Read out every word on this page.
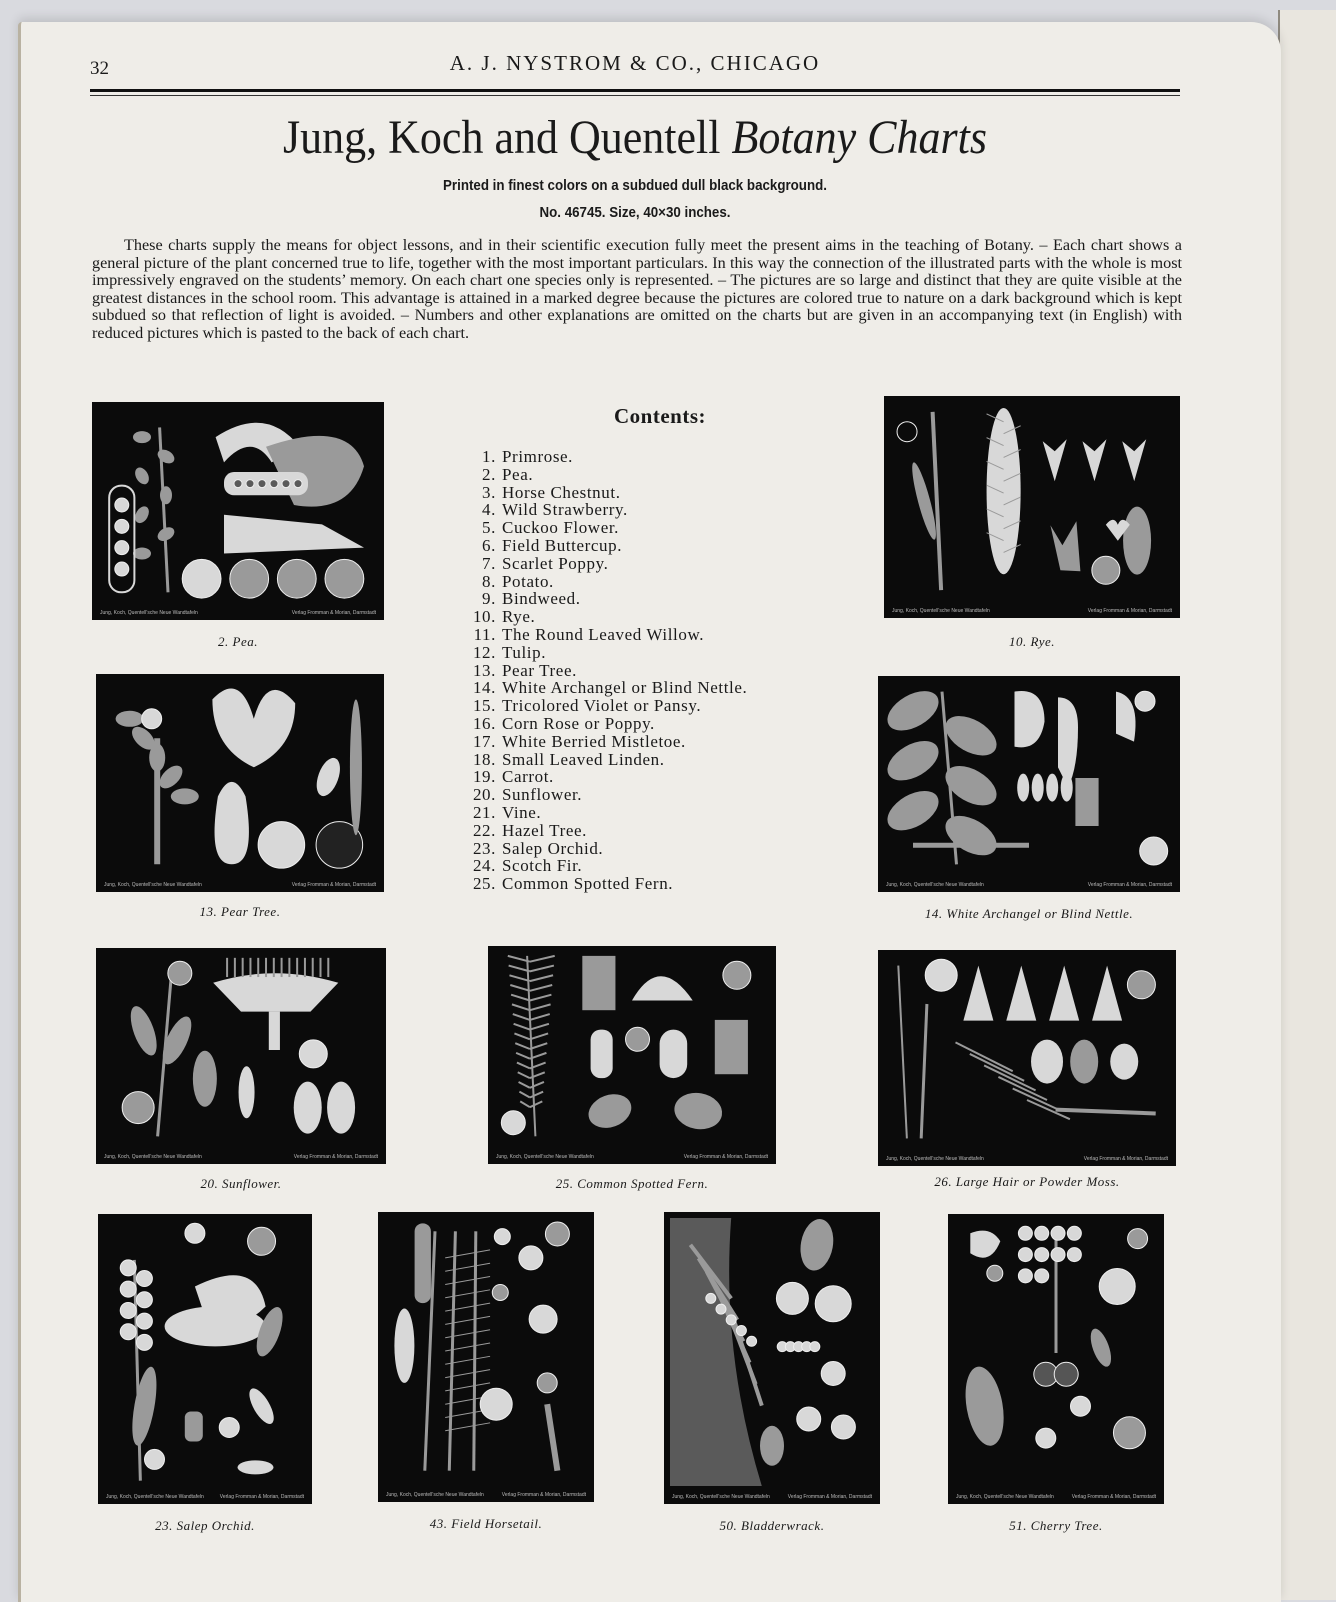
32	A. J. NYSTROM & CO., CHICAGO
Jung, Koch and Quentell Botany Charts
Printed in finest colors on a subdued dull black background.
No. 46745. Size, 40×30 inches.

These charts supply the means for object lessons, and in their scientific execution fully meet the present aims in the teaching of Botany. – Each chart shows a general picture of the plant concerned true to life, together with the most important particulars. In this way the connection of the illustrated parts with the whole is most impressively engraved on the students’ memory. On each chart one species only is represented. – The pictures are so large and distinct that they are quite visible at the greatest distances in the school room. This advantage is attained in a marked degree because the pictures are colored true to nature on a dark background which is kept subdued so that reflection of light is avoided. – Numbers and other explanations are omitted on the charts but are given in an accompanying text (in English) with reduced pictures which is pasted to the back of each chart.

Contents:
1. Primrose.
2. Pea.
3. Horse Chestnut.
4. Wild Strawberry.
5. Cuckoo Flower.
6. Field Buttercup.
7. Scarlet Poppy.
8. Potato.
9. Bindweed.
10. Rye.
11. The Round Leaved Willow.
12. Tulip.
13. Pear Tree.
14. White Archangel or Blind Nettle.
15. Tricolored Violet or Pansy.
16. Corn Rose or Poppy.
17. White Berried Mistletoe.
18. Small Leaved Linden.
19. Carrot.
20. Sunflower.
21. Vine.
22. Hazel Tree.
23. Salep Orchid.
24. Scotch Fir.
25. Common Spotted Fern.
Jung, Koch, Quentell'sche Neue Wandtafeln	Verlag Fromman & Morian, Darmstadt
2. Pea.
Jung, Koch, Quentell'sche Neue Wandtafeln	Verlag Fromman & Morian, Darmstadt
10. Rye.
Jung, Koch, Quentell'sche Neue Wandtafeln	Verlag Fromman & Morian, Darmstadt
13. Pear Tree.
Jung, Koch, Quentell'sche Neue Wandtafeln	Verlag Fromman & Morian, Darmstadt
14. White Archangel or Blind Nettle.
Jung, Koch, Quentell'sche Neue Wandtafeln	Verlag Fromman & Morian, Darmstadt
20. Sunflower.
Jung, Koch, Quentell'sche Neue Wandtafeln	Verlag Fromman & Morian, Darmstadt
25. Common Spotted Fern.
Jung, Koch, Quentell'sche Neue Wandtafeln	Verlag Fromman & Morian, Darmstadt
26. Large Hair or Powder Moss.
Jung, Koch, Quentell'sche Neue Wandtafeln	Verlag Fromman & Morian, Darmstadt
23. Salep Orchid.
Jung, Koch, Quentell'sche Neue Wandtafeln	Verlag Fromman & Morian, Darmstadt
43. Field Horsetail.
Jung, Koch, Quentell'sche Neue Wandtafeln	Verlag Fromman & Morian, Darmstadt
50. Bladderwrack.
Jung, Koch, Quentell'sche Neue Wandtafeln	Verlag Fromman & Morian, Darmstadt
51. Cherry Tree.
